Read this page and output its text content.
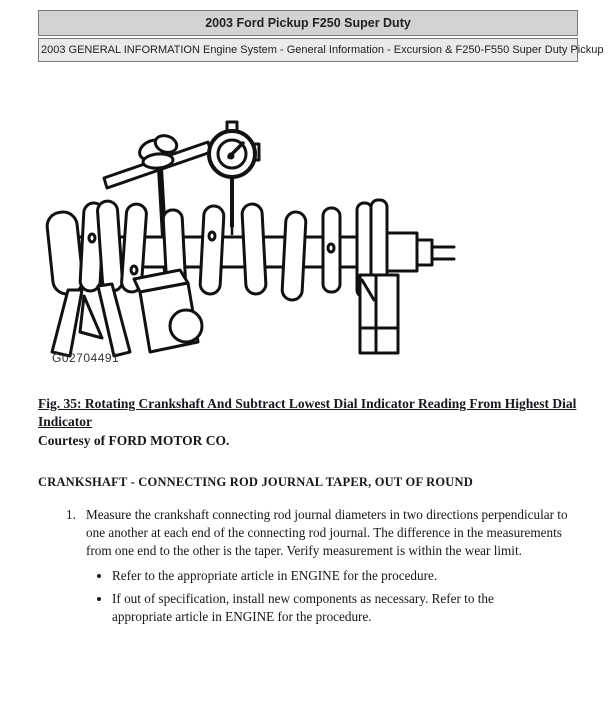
2003 Ford Pickup F250 Super Duty
2003 GENERAL INFORMATION Engine System - General Information - Excursion & F250-F550 Super Duty Pickup
G02704491
Fig. 35: Rotating Crankshaft And Subtract Lowest Dial Indicator Reading From Highest Dial Indicator
Courtesy of FORD MOTOR CO.
CRANKSHAFT - CONNECTING ROD JOURNAL TAPER, OUT OF ROUND
1. Measure the crankshaft connecting rod journal diameters in two directions perpendicular to one another at each end of the connecting rod journal. The difference in the measurements from one end to the other is the taper. Verify measurement is within the wear limit.
• Refer to the appropriate article in ENGINE for the procedure.
• If out of specification, install new components as necessary. Refer to the appropriate article in ENGINE for the procedure.
